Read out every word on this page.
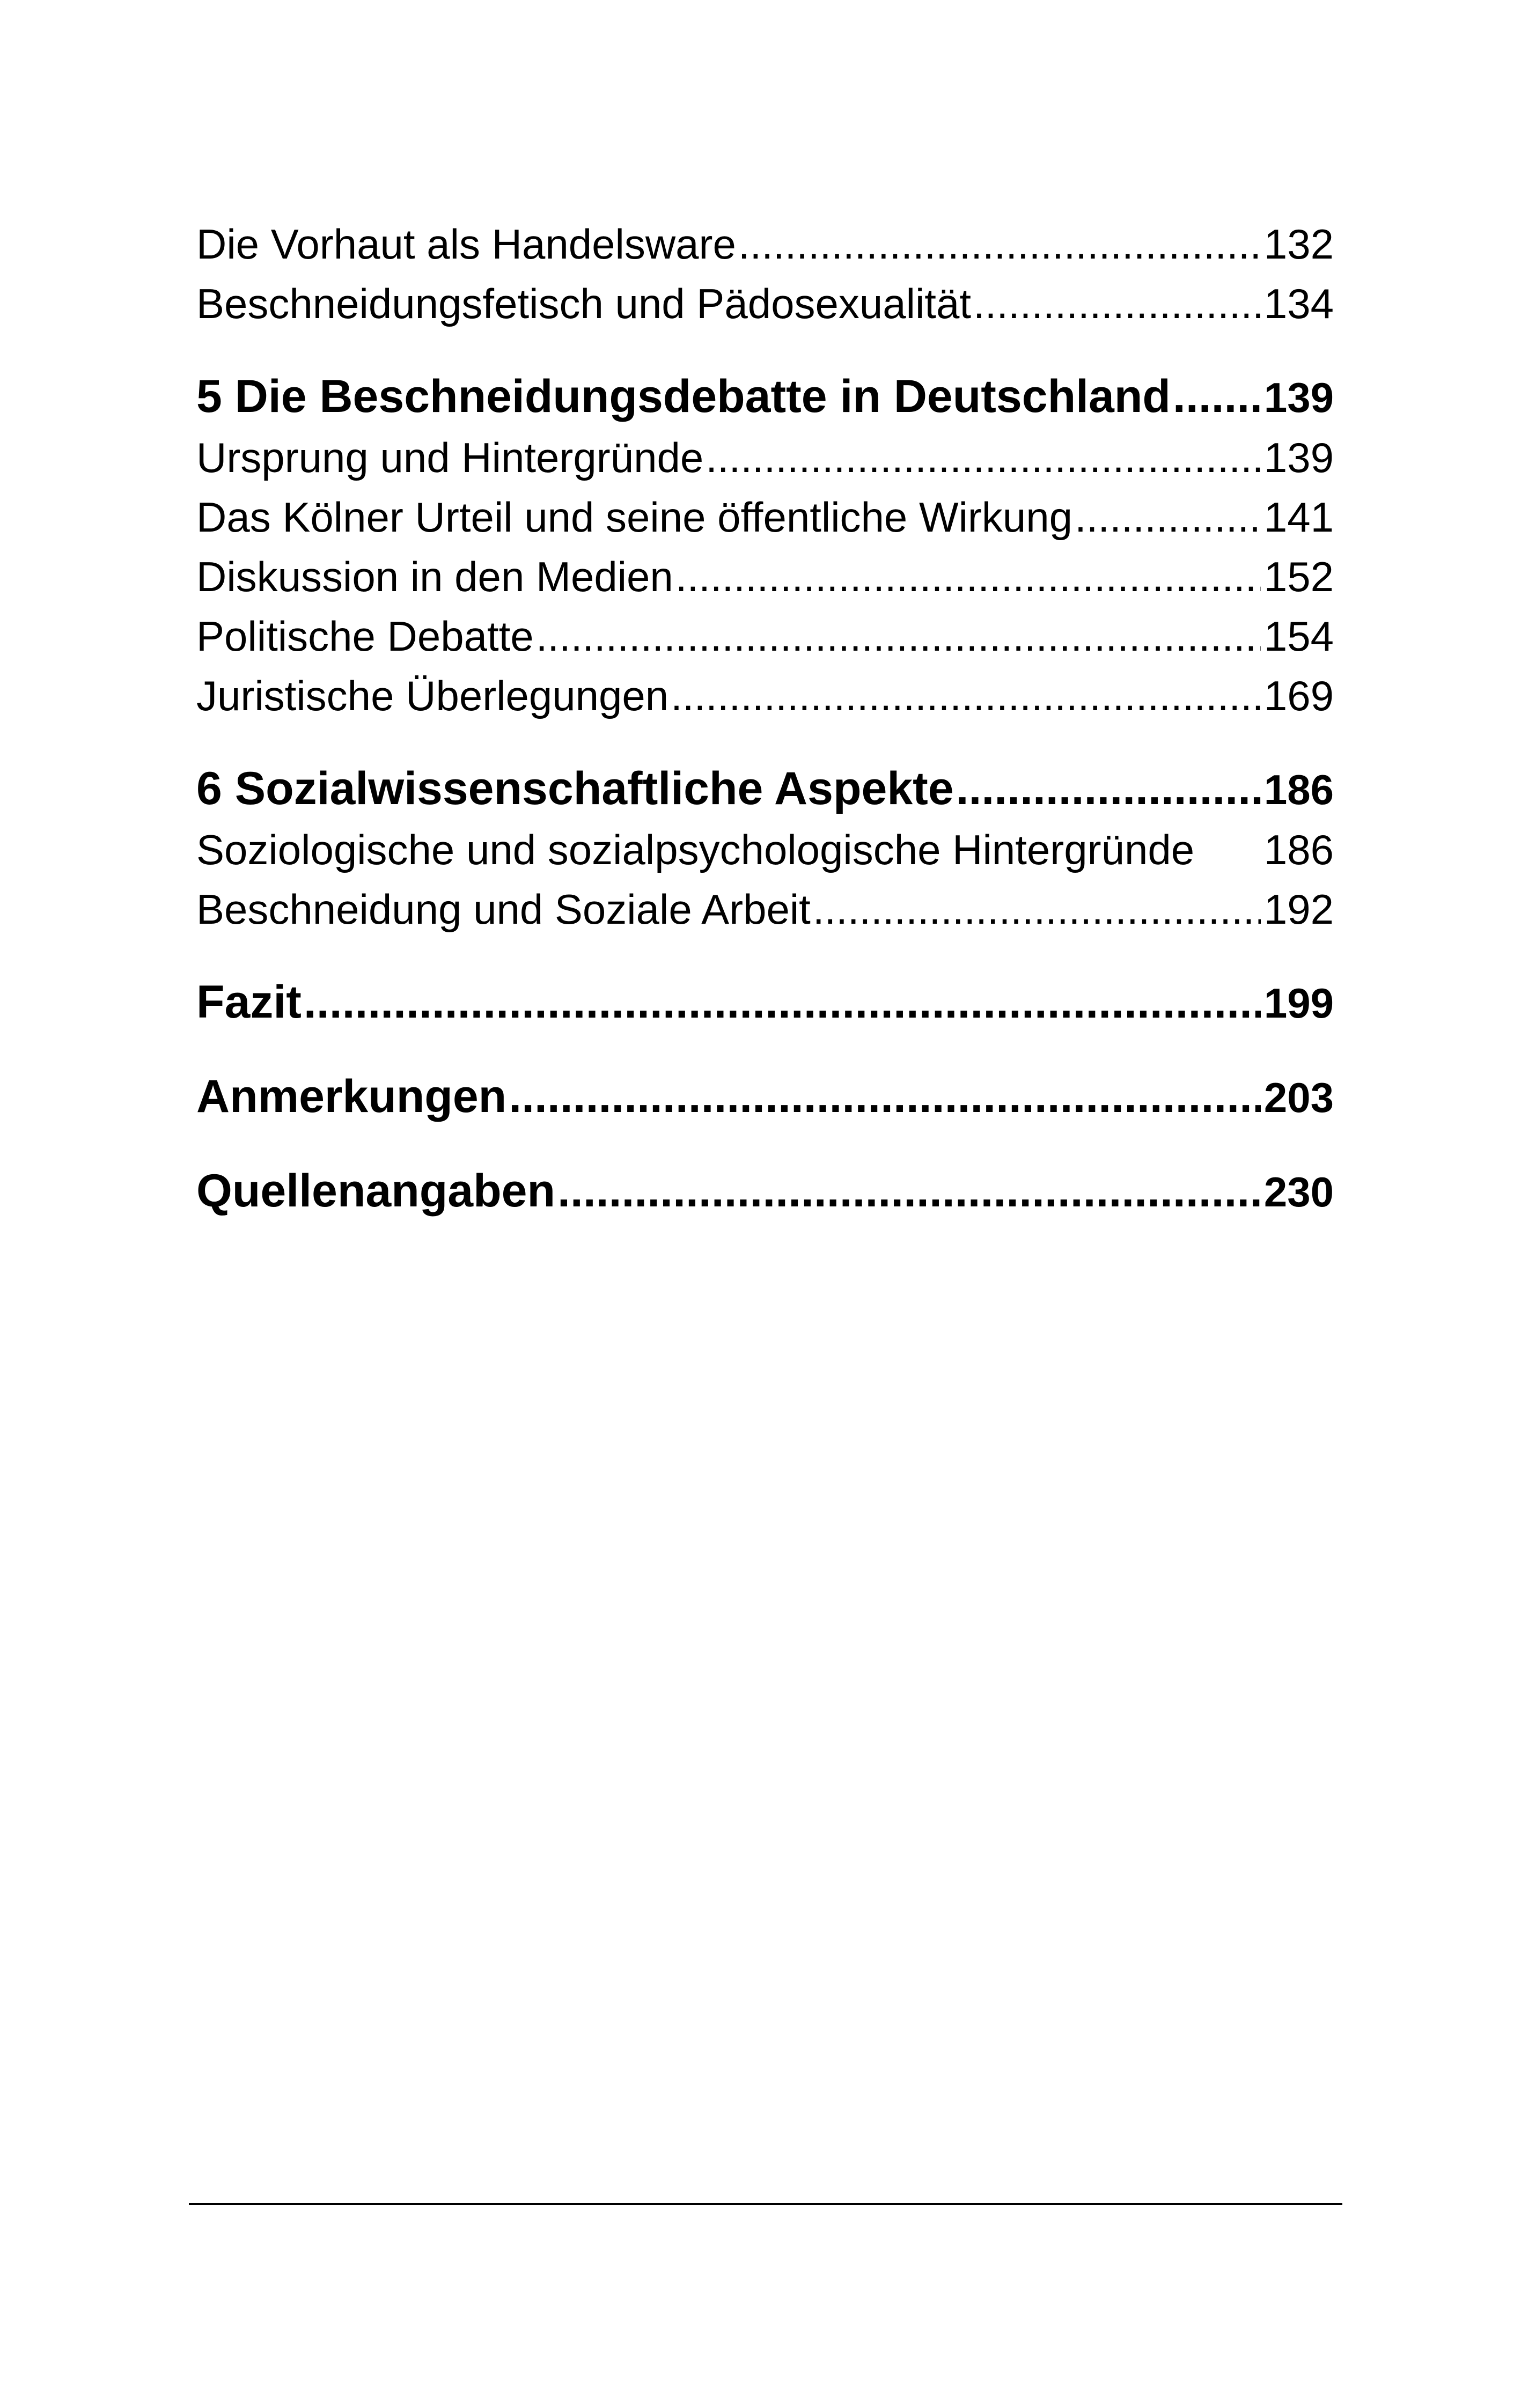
Die Vorhaut als Handelsware .....	132
Beschneidungsfetisch und Pädosexualität .....	134
5 Die Beschneidungsdebatte in Deutschland ..... 139
Ursprung und Hintergründe .....	139
Das Kölner Urteil und seine öffentliche Wirkung .....	141
Diskussion in den Medien .....	152
Politische Debatte .....	154
Juristische Überlegungen .....	169
6 Sozialwissenschaftliche Aspekte .....	186
Soziologische und sozialpsychologische Hintergründe	186
Beschneidung und Soziale Arbeit .....	192
Fazit .....	199
Anmerkungen .....	203
Quellenangaben .....	230
